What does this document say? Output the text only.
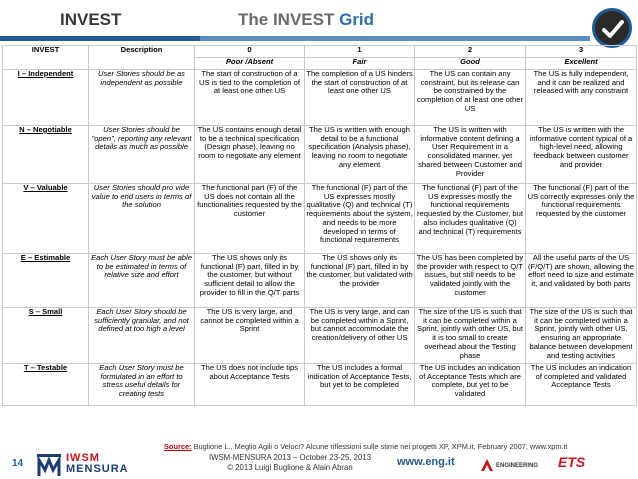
INVEST	The INVEST Grid
INVEST	Description	0	1	2	3
		Poor /Absent	Fair	Good	Excellent
I – Independent	User Stories should be as independent as possible	The start of construction of a US is tied to the completion of at least one other US	The completion of a US hinders the start of construction of at least one other US	The US can contain any constraint, but its release can be constrained by the completion of at least one other US	The US is fully independent, and it can be realized and released with any constraint
N – Negotiable	User Stories should be "open", reporting any relevant details as much as possible	The US contains enough detail to be a technical specification (Design phase), leaving no room to negotiate any element	The US is written with enough detail to be a functional specification (Analysis phase), leaving no room to negotiate any element	The US is written with informative content defining a User Requirement in a consolidated manner, yet shared between Customer and Provider	The US is written with the informative content typical of a high-level need, allowing feedback between customer and provider
V – Valuable	User Stories should pro vide value to end users in terms of the solution	The functional part (F) of the US does not contain all the functionalities requested by the customer	The functional (F) part of the US expresses mostly qualitative (Q) and technical (T) requirements about the system, and needs to be more developed in terms of functional requirements	The functional (F) part of the US expresses mostly the functional requirements requested by the Customer, but also includes qualitative (Q) and technical (T) requirements	The functional (F) part of the US correctly expresses only the functional requirements requested by the customer
E – Estimable	Each User Story must be able to be estimated in terms of relative size and effort	The US shows only its functional (F) part, filled in by the customer, but without sufficient detail to allow the provider to fill in the Q/T parts	The US shows only its functional (F) part, filled in by the customer, but validated with the provider	The US has been completed by the provider with respect to Q/T issues, but still needs to be validated jointly with the customer	All the useful parts of the US (F/Q/T) are shown, allowing the effort need to size and estimate it, and validated by both parts
S – Small	Each User Story should be sufficiently granular, and not defined at too high a level	The US is very large, and cannot be completed within a Sprint	The US is very large, and can be completed within a Sprint, but cannot accommodate the creation/delivery of other US	The size of the US is such that it can be completed within a Sprint, jointly with other US, but it is too small to create overhead about the Testing phase	The size of the US is such that it can be completed within a Sprint, jointly with other US, ensuring an appropriate balance between development and testing activities
T – Testable	Each User Story must be formulated in an effort to stress useful details for creating tests	The US does not include tips about Acceptance Tests	The US includes a formal indication of Acceptance Tests, but yet to be completed	The US includes an indication of Acceptance Tests which are complete, but yet to be validated	The US includes an indication of completed and validated Acceptance Tests
Source: Buglione L., Meglio Agili o Veloci? Alcune riflessioni sulle stime nei progetti XP, XPM.it, February 2007, www.xpm.it
14	IWSM
MENSURA
IWSM-MENSURA 2013 – October 23-25, 2013
© 2013 Luigi Buglione & Alain Abran	www.eng.it	ENGINEERING ETS
